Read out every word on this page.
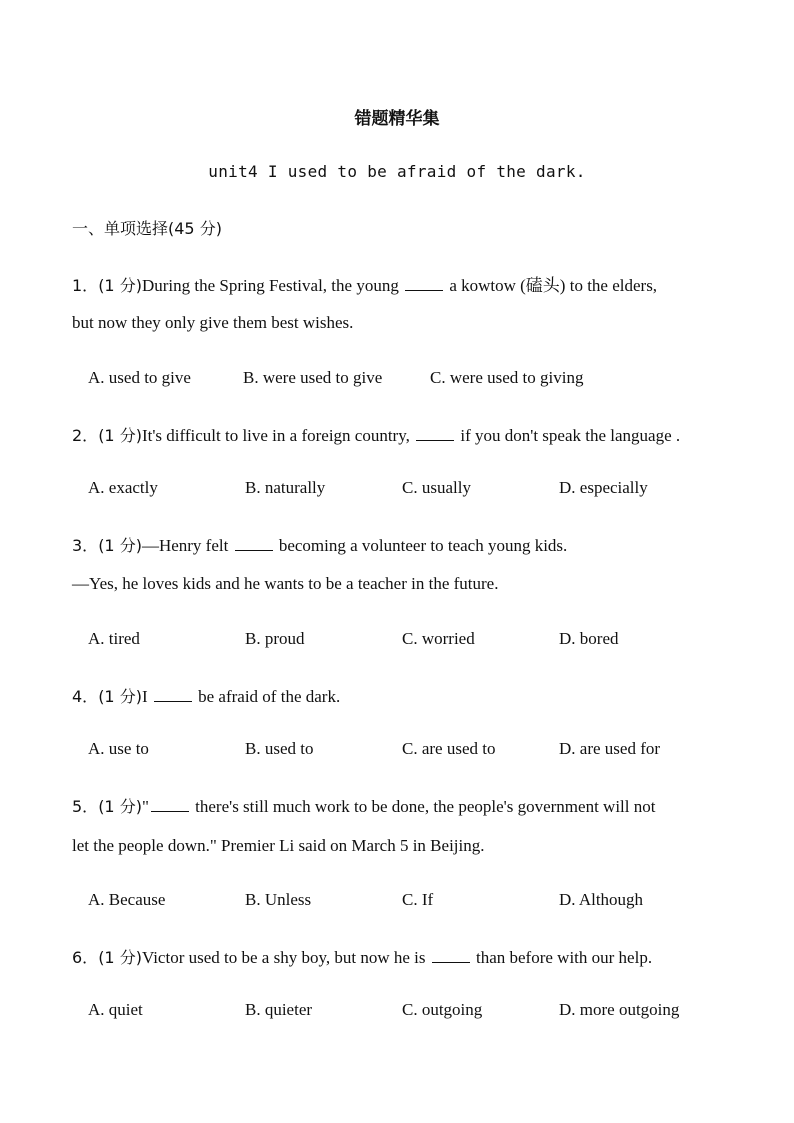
错题精华集
unit4 I used to be afraid of the dark.
一、单项选择(45 分)
1．(1 分)During the Spring Festival, the young  a kowtow (磕头) to the elders,
but now they only give them best wishes.
A. used to give	B. were used to give	C. were used to giving
2．(1 分)It's difficult to live in a foreign country,  if you don't speak the language .
A. exactly	B. naturally	C. usually	D. especially
3．(1 分)—Henry felt  becoming a volunteer to teach young kids.
—Yes, he loves kids and he wants to be a teacher in the future.
A. tired	B. proud	C. worried	D. bored
4．(1 分)I  be afraid of the dark.
A. use to	B. used to	C. are used to	D. are used for
5．(1 分)" there's still much work to be done, the people's government will not
let the people down." Premier Li said on March 5 in Beijing.
A. Because	B. Unless	C. If	D. Although
6．(1 分)Victor used to be a shy boy, but now he is  than before with our help.
A. quiet	B. quieter	C. outgoing	D. more outgoing
